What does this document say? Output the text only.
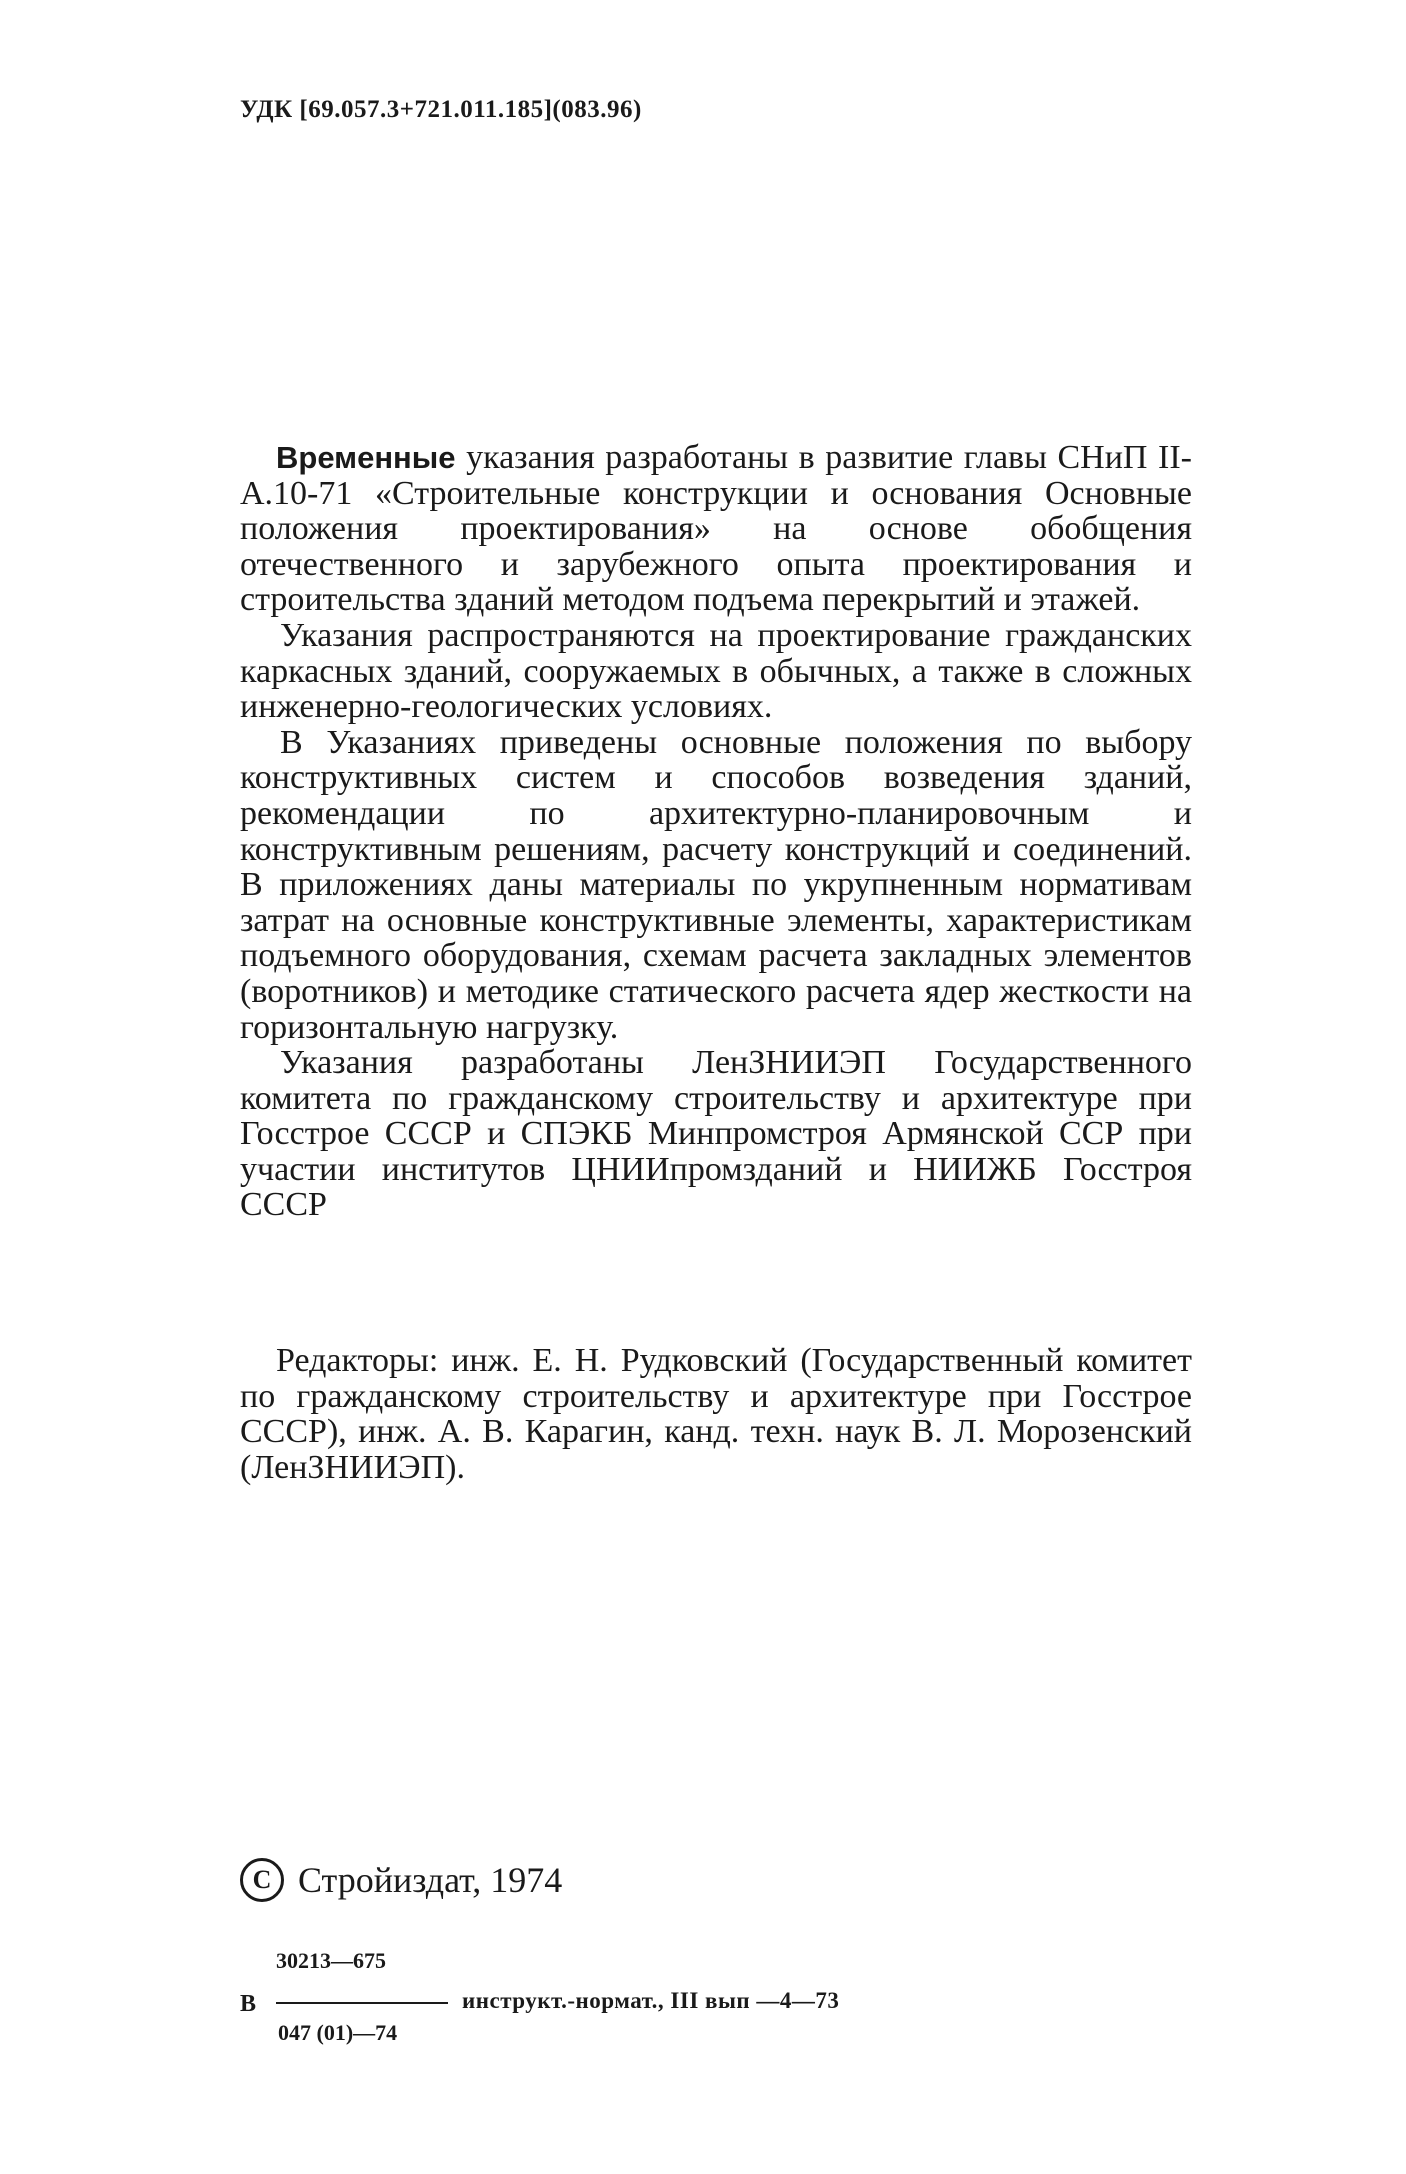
УДК [69.057.3+721.011.185](083.96)

Временные указания разработаны в развитие главы СНиП II-А.10-71 «Строительные конструкции и основания Основные положения проектирования» на основе обобщения отечественного и зарубежного опыта проектирования и строительства зданий методом подъема перекрытий и этажей.

Указания распространяются на проектирование гражданских каркасных зданий, сооружаемых в обычных, а также в сложных инженерно-геологических условиях.

В Указаниях приведены основные положения по выбору конструктивных систем и способов возведения зданий, рекомендации по архитектурно-планировочным и конструктивным решениям, расчету конструкций и соединений. В приложениях даны материалы по укрупненным нормативам затрат на основные конструктивные элементы, характеристикам подъемного оборудования, схемам расчета закладных элементов (воротников) и методике статического расчета ядер жесткости на горизонтальную нагрузку.

Указания разработаны ЛенЗНИИЭП Государственного комитета по гражданскому строительству и архитектуре при Госстрое СССР и СПЭКБ Минпромстроя Армянской ССР при участии институтов ЦНИИпромзданий и НИИЖБ Госстроя СССР

Редакторы: инж. Е. Н. Рудковский (Государственный комитет по гражданскому строительству и архитектуре при Госстрое СССР), инж. А. В. Карагин, канд. техн. наук В. Л. Морозенский (ЛенЗНИИЭП).
C Стройиздат, 1974
В
30213—675
047 (01)—74
инструкт.-нормат., III вып —4—73
